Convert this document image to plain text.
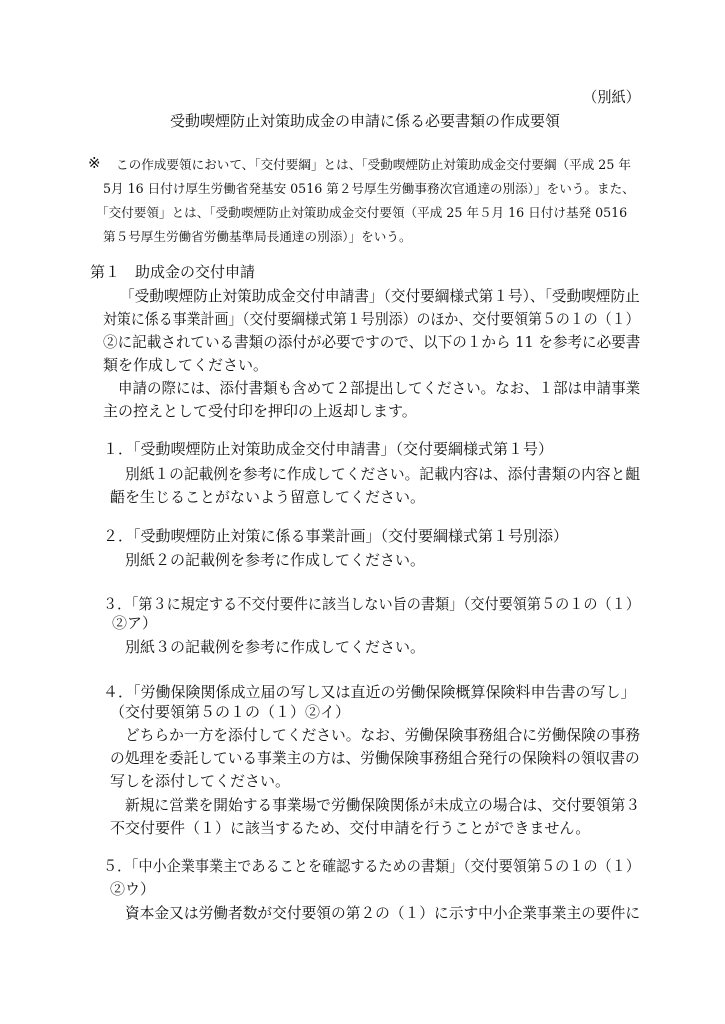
（別紙）

受動喫煙防止対策助成金の申請に係る必要書類の作成要領

※ この作成要領において、「交付要綱」とは、「受動喫煙防止対策助成金交付要綱（平成 25 年

5月 16 日付け厚生労働省発基安 0516 第２号厚生労働事務次官通達の別添）」をいう。また、

「交付要領」とは、「受動喫煙防止対策助成金交付要領（平成 25 年５月 16 日付け基発 0516

第５号厚生労働省労働基準局長通達の別添）」をいう。

第１　助成金の交付申請

「受動喫煙防止対策助成金交付申請書」（交付要綱様式第１号）、「受動喫煙防止

対策に係る事業計画」（交付要綱様式第１号別添）のほか、交付要領第５の１の（１）

②に記載されている書類の添付が必要ですので、以下の１から 11 を参考に必要書

類を作成してください。

申請の際には、添付書類も含めて２部提出してください。なお、１部は申請事業

主の控えとして受付印を押印の上返却します。

１．「受動喫煙防止対策助成金交付申請書」（交付要綱様式第１号）

別紙１の記載例を参考に作成してください。記載内容は、添付書類の内容と齟

齬を生じることがないよう留意してください。

２．「受動喫煙防止対策に係る事業計画」（交付要綱様式第１号別添）

別紙２の記載例を参考に作成してください。

３．「第３に規定する不交付要件に該当しない旨の書類」（交付要領第５の１の（１）

②ア）

別紙３の記載例を参考に作成してください。

４．「労働保険関係成立届の写し又は直近の労働保険概算保険料申告書の写し」

（交付要領第５の１の（１）②イ）

どちらか一方を添付してください。なお、労働保険事務組合に労働保険の事務

の処理を委託している事業主の方は、労働保険事務組合発行の保険料の領収書の

写しを添付してください。

新規に営業を開始する事業場で労働保険関係が未成立の場合は、交付要領第３

不交付要件（１）に該当するため、交付申請を行うことができません。

５．「中小企業事業主であることを確認するための書類」（交付要領第５の１の（１）

②ウ）

資本金又は労働者数が交付要領の第２の（１）に示す中小企業事業主の要件に
